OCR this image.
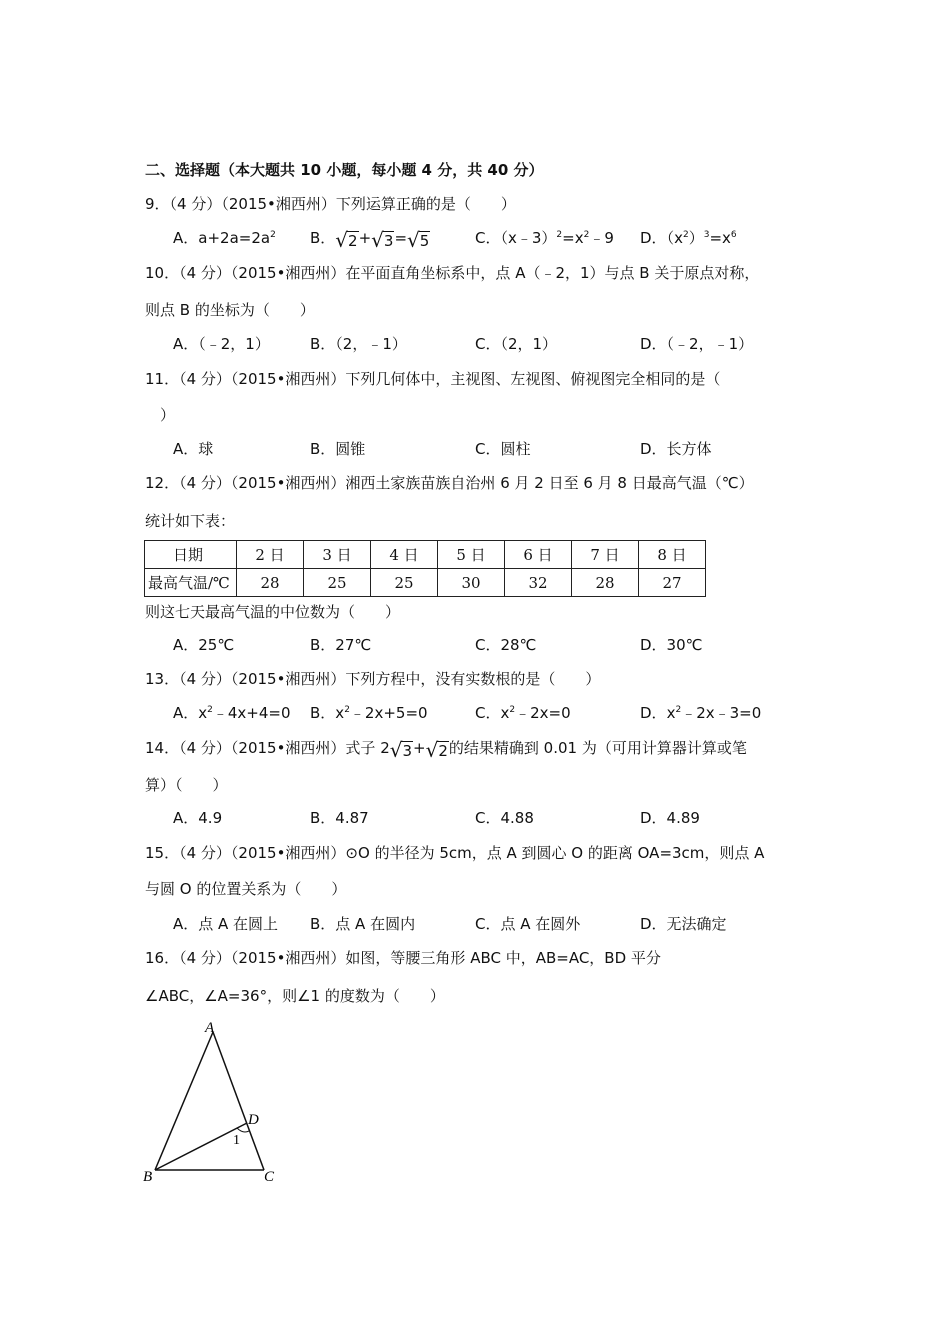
二、选择题（本大题共 10 小题，每小题 4 分，共 40 分）
9．（4 分）（2015•湘西州）下列运算正确的是（　　）
A．$a+2a=2a^2$ B． √ 2 + √ 3 = √ 5	C．$(x﹣3)^2=x^2﹣9$ D．$(x^2)^3=x^6$
10．（4 分）（2015•湘西州）在平面直角坐标系中，点 A（﹣2，1）与点 B 关于原点对称，
则点 B 的坐标为（　　）
A．（﹣2，1）	B．（2，﹣1）	C．（2，1）	D．（﹣2，﹣1）
11．（4 分）（2015•湘西州）下列几何体中，主视图、左视图、俯视图完全相同的是（
）
A．球	B．圆锥	C．圆柱	D．长方体
12．（4 分）（2015•湘西州）湘西土家族苗族自治州 6 月 2 日至 6 月 8 日最高气温（℃）
统计如下表：
日期	2 日	3 日	4 日	5 日	6 日	7 日	8 日
最高气温/℃	28	25	25	30	32	28	27
则这七天最高气温的中位数为（　　）
A．25℃	B．27℃	C．28℃	D．30℃
13．（4 分）（2015•湘西州）下列方程中，没有实数根的是（　　）
A．$x^2﹣4x+4=0$ B．$x^2﹣2x+5=0$	C．$x^2﹣2x=0$	D．$x^2﹣2x﹣3=0$
14．（4 分）（2015•湘西州）式子 2 √ 3 + √ 2 的结果精确到 0.01 为（可用计算器计算或笔
算）（　　）
A．4.9	B．4.87	C．4.88	D．4.89
15．（4 分）（2015•湘西州）⊙O 的半径为 5cm，点 A 到圆心 O 的距离 OA=3cm，则点 A
与圆 O 的位置关系为（　　）
A．点 A 在圆上 B．点 A 在圆内	C．点 A 在圆外	D．无法确定
16．（4 分）（2015•湘西州）如图，等腰三角形 ABC 中，AB=AC，BD 平分
∠ABC，∠A=36°，则∠1 的度数为（　　）
A
B	C
D
1
